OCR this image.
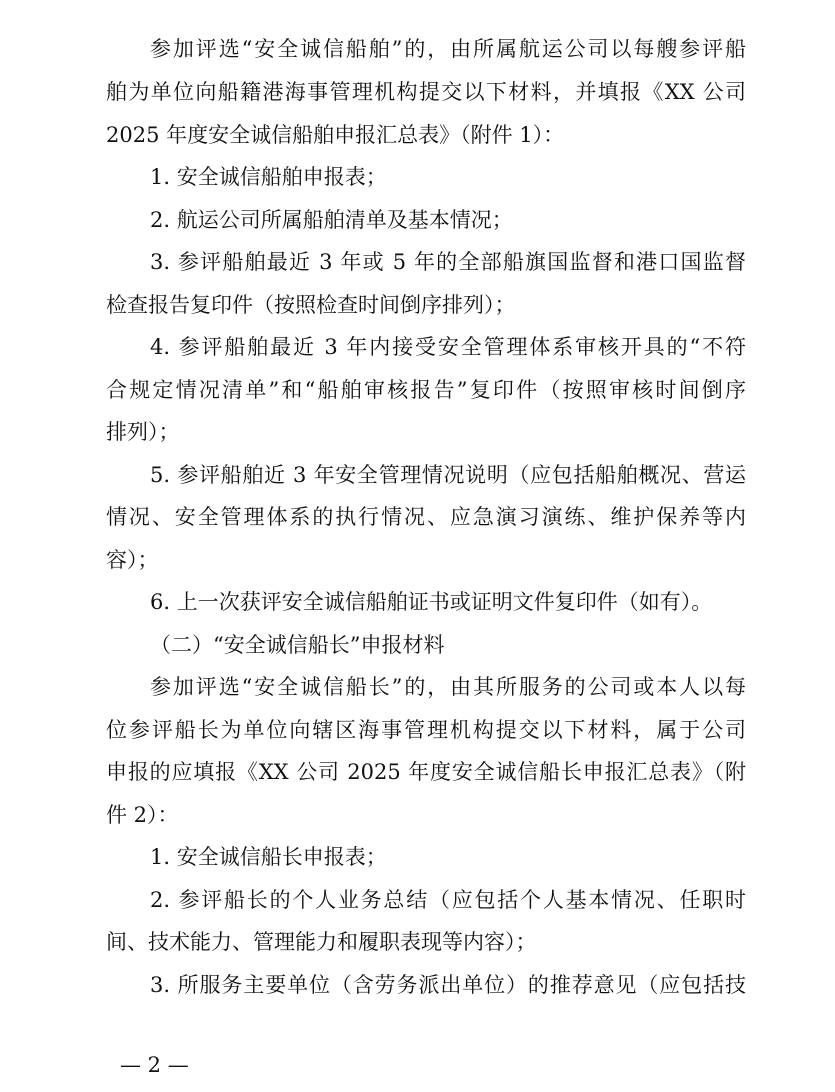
参加评选“安全诚信船舶”的，由所属航运公司以每艘参评船
舶为单位向船籍港海事管理机构提交以下材料，并填报《XX 公司
2025 年度安全诚信船舶申报汇总表》（附件 1）：
1. 安全诚信船舶申报表；
2. 航运公司所属船舶清单及基本情况；
3. 参评船舶最近 3 年或 5 年的全部船旗国监督和港口国监督
检查报告复印件（按照检查时间倒序排列）；
4. 参评船舶最近 3 年内接受安全管理体系审核开具的“不符
合规定情况清单”和“船舶审核报告”复印件（按照审核时间倒序
排列）；
5. 参评船舶近 3 年安全管理情况说明（应包括船舶概况、营运
情况、安全管理体系的执行情况、应急演习演练、维护保养等内
容）；
6. 上一次获评安全诚信船舶证书或证明文件复印件（如有）。
（二）“安全诚信船长”申报材料
参加评选“安全诚信船长”的，由其所服务的公司或本人以每
位参评船长为单位向辖区海事管理机构提交以下材料，属于公司
申报的应填报《XX 公司 2025 年度安全诚信船长申报汇总表》（附
件 2）：
1. 安全诚信船长申报表；
2. 参评船长的个人业务总结（应包括个人基本情况、任职时
间、技术能力、管理能力和履职表现等内容）；
3. 所服务主要单位（含劳务派出单位）的推荐意见（应包括技
— 2 —
